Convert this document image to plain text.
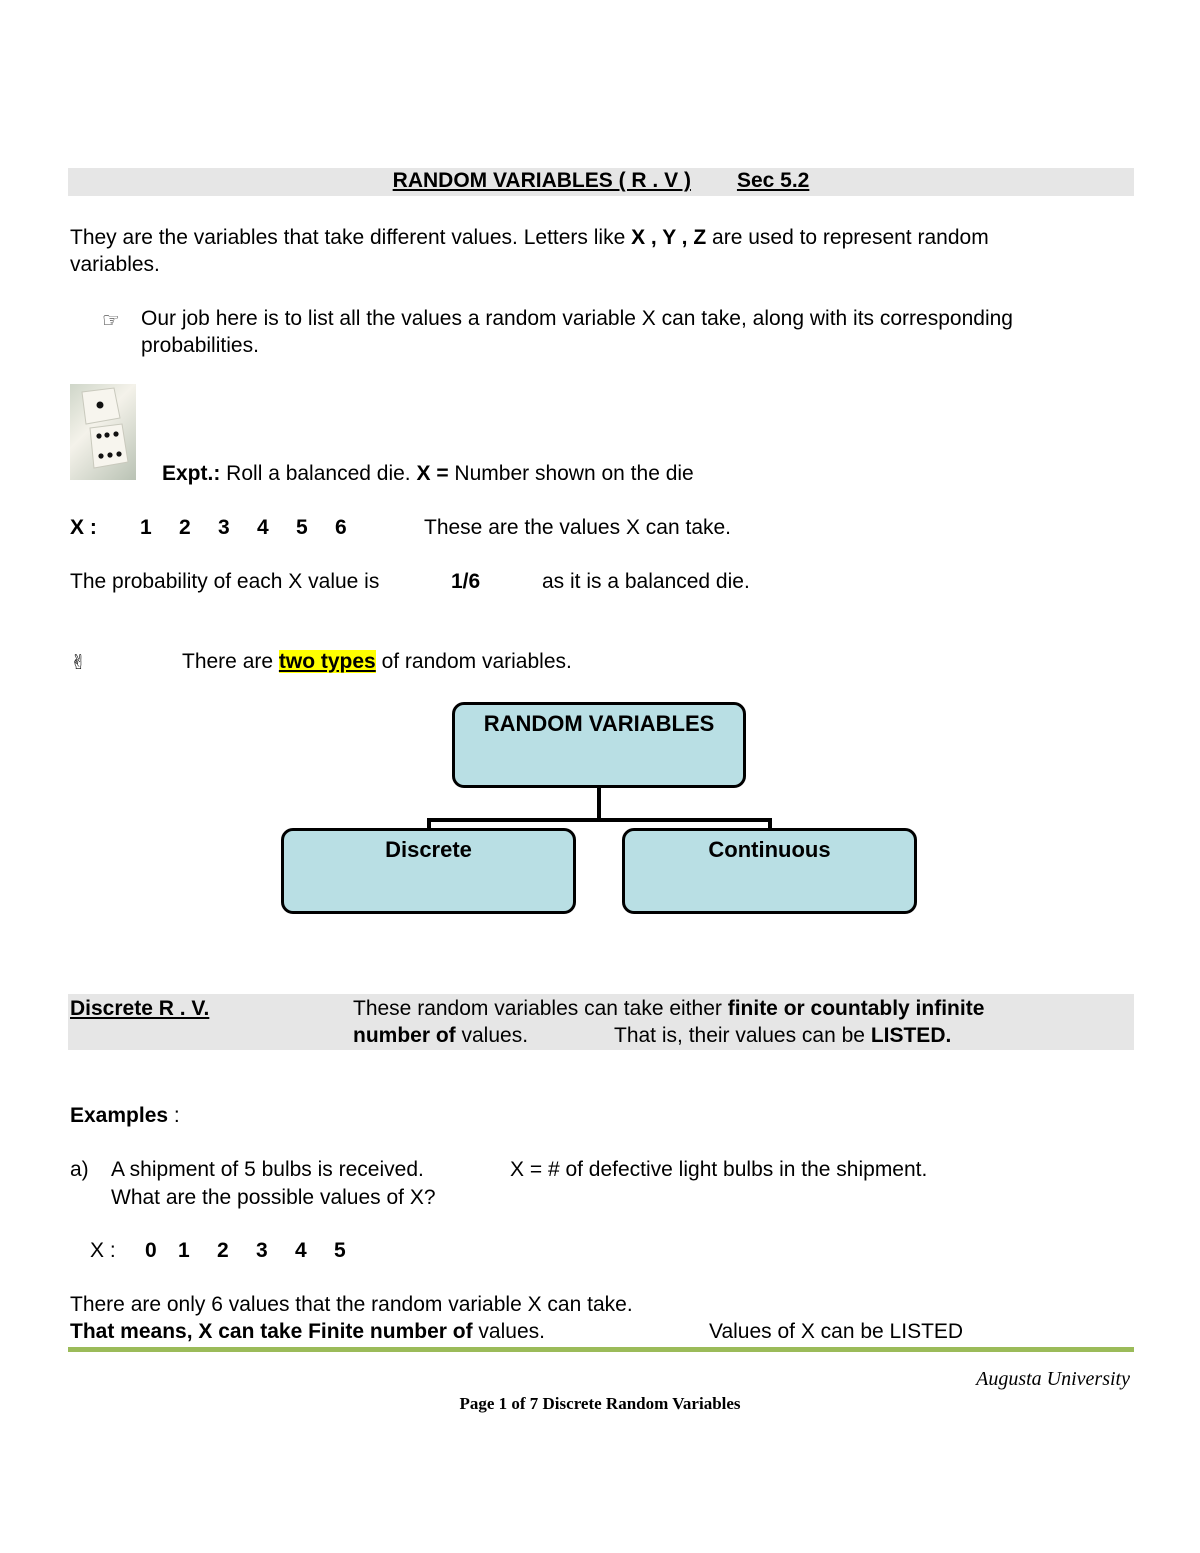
RANDOM VARIABLES ( R . V ) Sec 5.2
They are the variables that take different values. Letters like X , Y , Z are used to represent random
variables.
☞ Our job here is to list all the values a random variable X can take, along with its corresponding
probabilities.
Expt.: Roll a balanced die. X = Number shown on the die
X : 1 2 3 4 5 6	These are the values X can take.
The probability of each X value is	1/6	as it is a balanced die.
✌	There are two types of random variables.
RANDOM VARIABLES
Discrete	Continuous
Discrete R . V.	These random variables can take either finite or countably infinite
number of values.	That is, their values can be LISTED.
Examples :
a) A shipment of 5 bulbs is received.	X = # of defective light bulbs in the shipment.
What are the possible values of X?
X : 0 1 2 3 4 5
There are only 6 values that the random variable X can take.
That means, X can take Finite number of values.	Values of X can be LISTED
Augusta University
Page 1 of 7 Discrete Random Variables
